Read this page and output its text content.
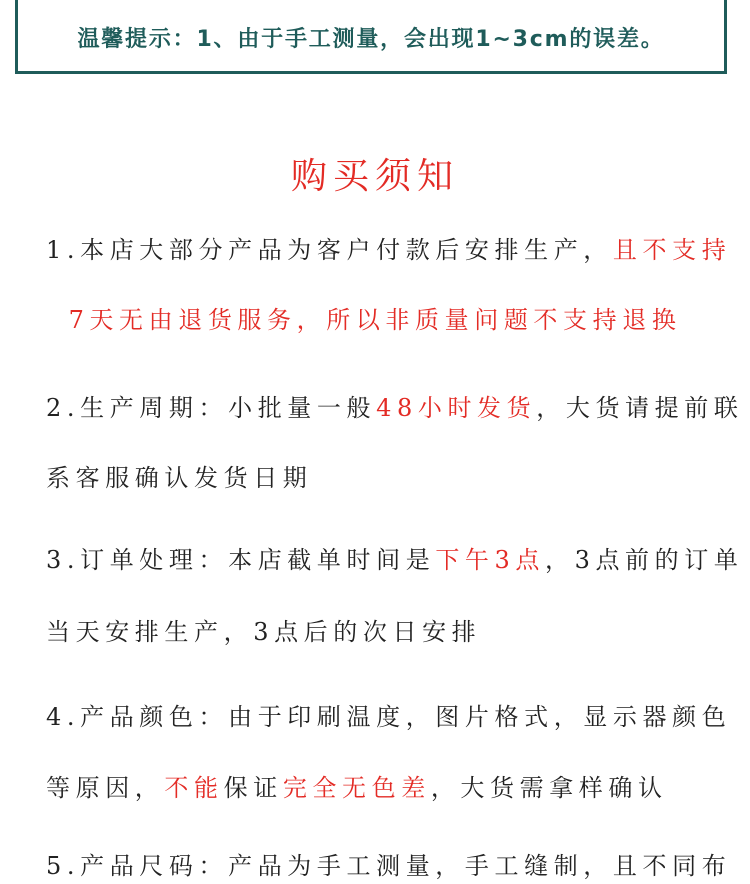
温馨提示：1、由于手工测量，会出现1~3cm的误差。
购买须知
1.本店大部分产品为客户付款后安排生产，且不支持
7天无由退货服务，所以非质量问题不支持退换
2.生产周期：小批量一般48小时发货，大货请提前联
系客服确认发货日期
3.订单处理：本店截单时间是下午3点，3点前的订单
当天安排生产，3点后的次日安排
4.产品颜色：由于印刷温度，图片格式，显示器颜色
等原因，不能保证完全无色差，大货需拿样确认
5.产品尺码：产品为手工测量，手工缝制，且不同布
